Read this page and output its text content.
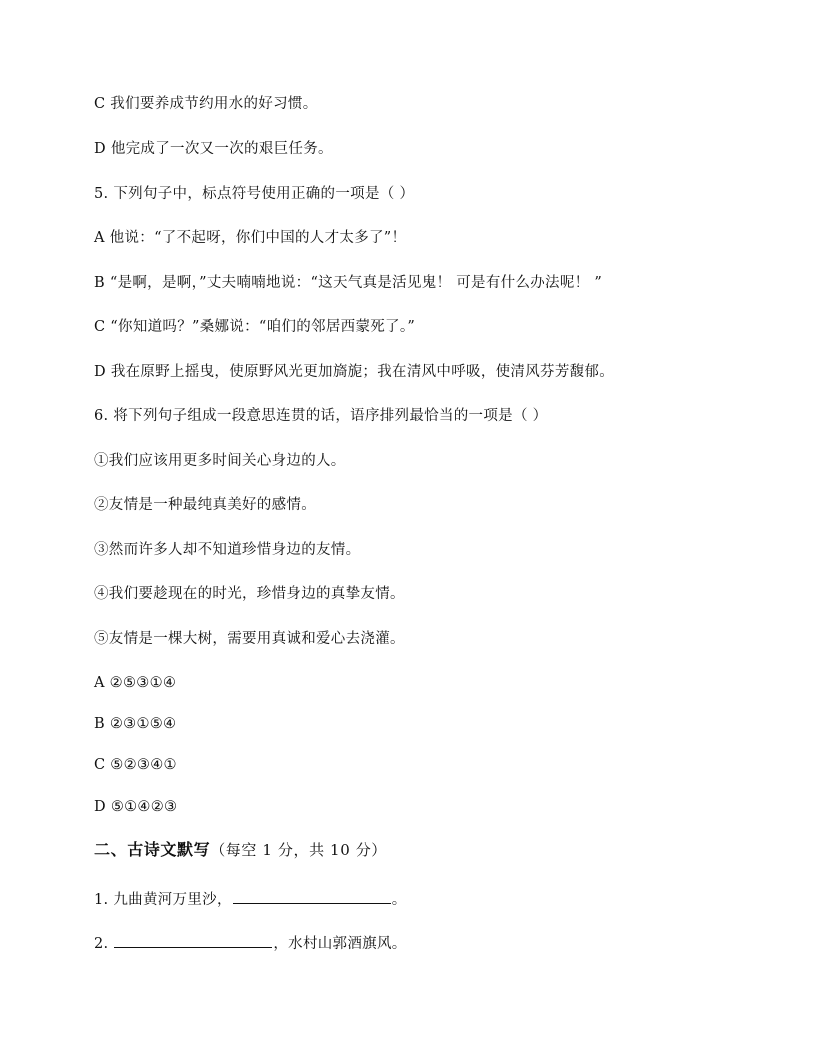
C 我们要养成节约用水的好习惯。
D 他完成了一次又一次的艰巨任务。
5. 下列句子中，标点符号使用正确的一项是（ ）
A 他说：“了不起呀，你们中国的人才太多了”！
B “是啊，是啊，”丈夫喃喃地说：“这天气真是活见鬼！ 可是有什么办法呢！ ”
C “你知道吗？”桑娜说：“咱们的邻居西蒙死了。”
D 我在原野上摇曳，使原野风光更加旖旎；我在清风中呼吸，使清风芬芳馥郁。
6. 将下列句子组成一段意思连贯的话，语序排列最恰当的一项是（ ）
①我们应该用更多时间关心身边的人。
②友情是一种最纯真美好的感情。
③然而许多人却不知道珍惜身边的友情。
④我们要趁现在的时光，珍惜身边的真挚友情。
⑤友情是一棵大树，需要用真诚和爱心去浇灌。
A ②⑤③①④
B ②③①⑤④
C ⑤②③④①
D ⑤①④②③
二、古诗文默写（每空 1 分，共 10 分）
1. 九曲黄河万里沙，	。
2.	，水村山郭酒旗风。
